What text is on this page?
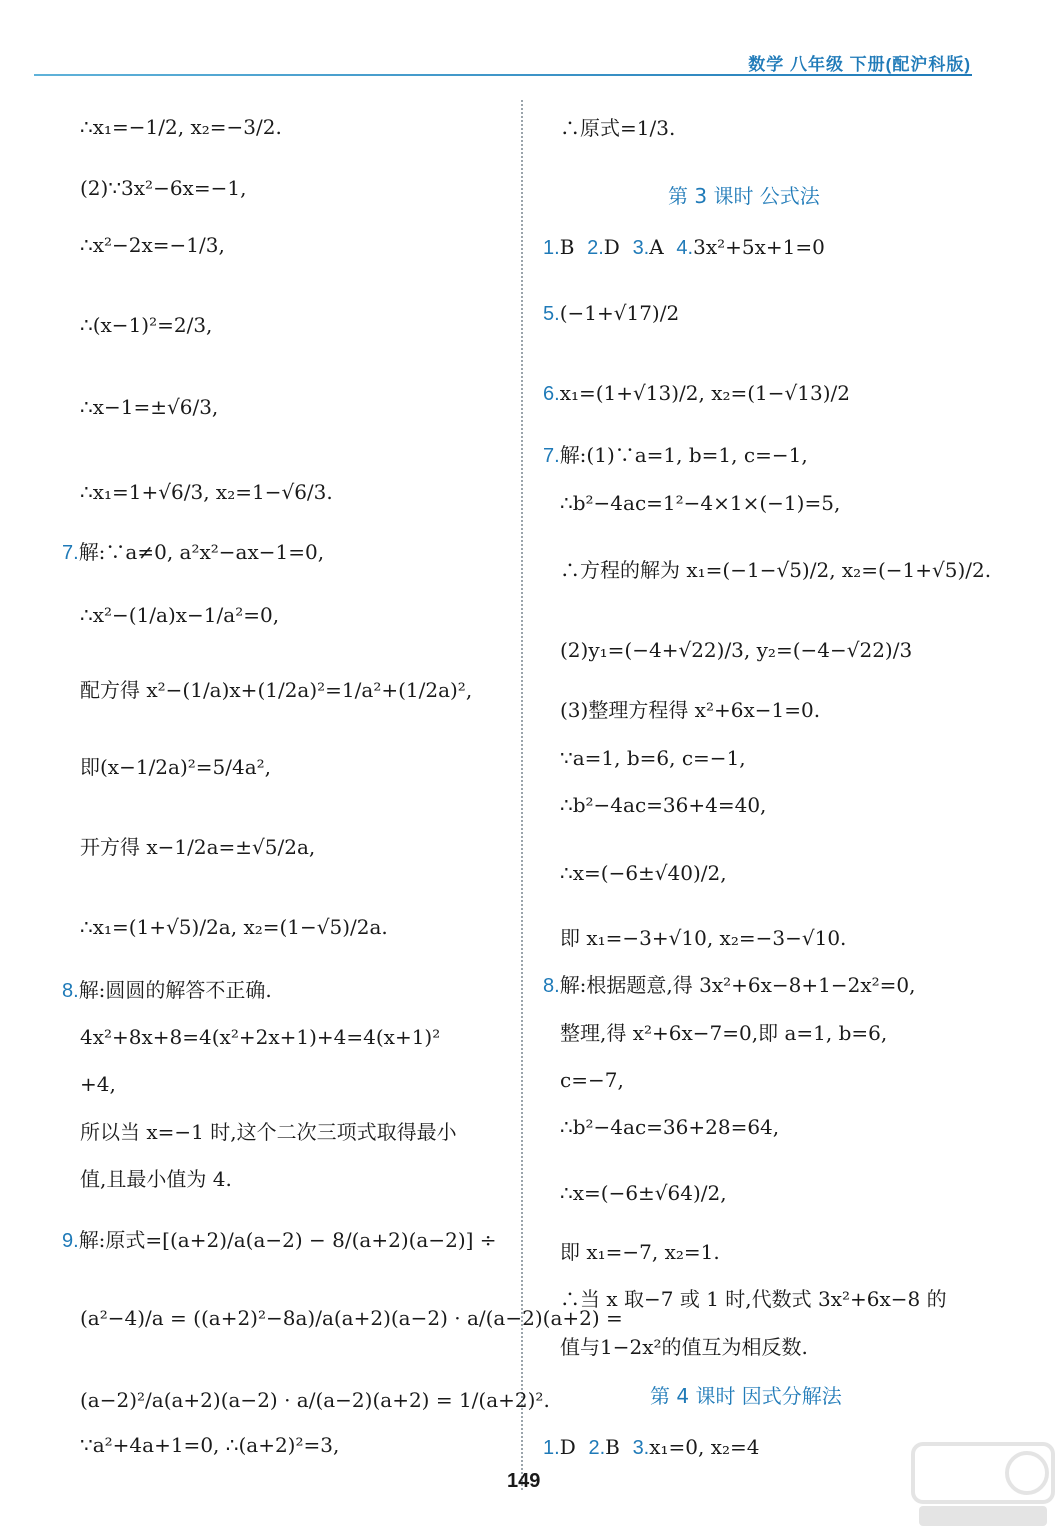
数学 八年级 下册(配沪科版)
∴x₁=−1/2, x₂=−3/2.
(2)∵3x²−6x=−1,
∴x²−2x=−1/3,
∴(x−1)²=2/3,
∴x−1=±√6/3,
∴x₁=1+√6/3, x₂=1−√6/3.
7.解:∵a≠0, a²x²−ax−1=0,
∴x²−(1/a)x−1/a²=0,
配方得 x²−(1/a)x+(1/2a)²=1/a²+(1/2a)²,
即(x−1/2a)²=5/4a²,
开方得 x−1/2a=±√5/2a,
∴x₁=(1+√5)/2a, x₂=(1−√5)/2a.
8.解:圆圆的解答不正确.
4x²+8x+8=4(x²+2x+1)+4=4(x+1)²
+4,
所以当 x=−1 时,这个二次三项式取得最小
值,且最小值为 4.
9.解:原式=[(a+2)/a(a−2) − 8/(a+2)(a−2)] ÷
(a²−4)/a = ((a+2)²−8a)/a(a+2)(a−2) · a/(a−2)(a+2) =
(a−2)²/a(a+2)(a−2) · a/(a−2)(a+2) = 1/(a+2)².
∵a²+4a+1=0, ∴(a+2)²=3,
∴原式=1/3.
第 3 课时 公式法
1.B 2.D 3.A 4.3x²+5x+1=0
5.(−1+√17)/2
6.x₁=(1+√13)/2, x₂=(1−√13)/2
7.解:(1)∵a=1, b=1, c=−1,
∴b²−4ac=1²−4×1×(−1)=5,
∴方程的解为 x₁=(−1−√5)/2, x₂=(−1+√5)/2.
(2)y₁=(−4+√22)/3, y₂=(−4−√22)/3
(3)整理方程得 x²+6x−1=0.
∵a=1, b=6, c=−1,
∴b²−4ac=36+4=40,
∴x=(−6±√40)/2,
即 x₁=−3+√10, x₂=−3−√10.
8.解:根据题意,得 3x²+6x−8+1−2x²=0,
整理,得 x²+6x−7=0,即 a=1, b=6,
c=−7,
∴b²−4ac=36+28=64,
∴x=(−6±√64)/2,
即 x₁=−7, x₂=1.
∴当 x 取−7 或 1 时,代数式 3x²+6x−8 的
值与1−2x²的值互为相反数.
第 4 课时 因式分解法
1.D 2.B 3.x₁=0, x₂=4
149
